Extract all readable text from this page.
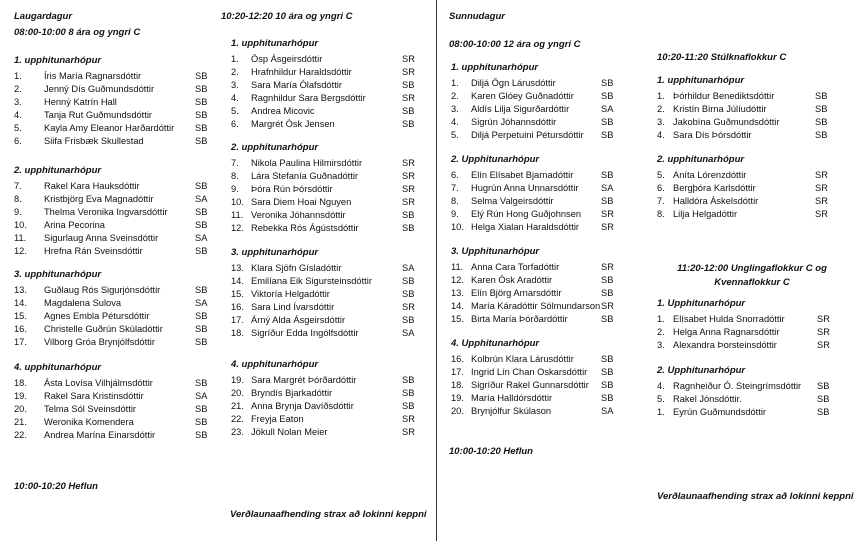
Laugardagur
08:00-10:00 8 ára og yngri C
10:20-12:20 10 ára og yngri C
1. upphitunarhópur
1. Íris María Ragnarsdóttir	SB
2. Jenný Dís Guðmundsdóttir	SB
3. Henný Katrín Hall	SB
4. Tanja Rut Guðmundsdóttir	SB
5. Kayla Amy Eleanor Harðardóttir SB
6. Siifa Frisbæk Skullestad	SB
2. upphitunarhópur
7. Rakel Kara Hauksdóttir	SB
8. Kristbjörg Eva Magnadóttir	SA
9. Thelma Veronika Ingvarsdóttir	SB
10. Arina Pecorina	SB
11. Sigurlaug Anna Sveinsdóttir	SA
12. Hrefna Rán Sveinsdóttir	SB
3. upphitunarhópur
13. Guðlaug Rós Sigurjónsdóttir	SB
14. Magdalena Sulova	SA
15. Agnes Embla Pétursdóttir	SB
16. Christelle Guðrún Skúladóttir	SB
17. Vilborg Gróa Brynjólfsdóttir	SB
4. upphitunarhópur
18. Ásta Lovísa Vilhjálmsdóttir	SB
19. Rakel Sara Kristinsdóttir	SA
20. Telma Sól Sveinsdóttir	SB
21. Weronika Komendera	SB
22. Andrea Marína Einarsdóttir	SB
1. upphitunarhópur
1. Ösp Ásgeirsdóttir	SR
2. Hrafnhildur Haraldsdóttir	SR
3. Sara María Ólafsdóttir	SB
4. Ragnhildur Sara Bergsdóttir	SR
5. Andrea Micovic	SB
6. Margrét Ósk Jensen	SB
2. upphitunarhópur
7. Nikola Paulina Hilmirsdóttir	SR
8. Lára Stefanía Guðnadóttir	SR
9. Þóra Rún Þórsdóttir	SR
10. Sara Diem Hoai Nguyen	SR
11. Veronika Jóhannsdóttir	SB
12. Rebekka Rós Ágústsdóttir	SB
3. upphitunarhópur
13. Klara Sjöfn Gísladóttir	SA
14. Emilíana Eik Sigursteinsdóttir	SB
15. Viktoría Helgadóttir	SB
16. Sara Lind Ívarsdóttir	SR
17. Árný Alda Ásgeirsdóttir	SB
18. Sigríður Edda Ingólfsdóttir	SA
4. upphitunarhópur
19. Sara Margrét Þórðardóttir	SB
20. Bryndís Bjarkadóttir	SB
21. Anna Brynja Davíðsdóttir	SB
22. Freyja Eaton	SR
23. Jökull Nolan Meier	SR
10:00-10:20 Heflun
Verðlaunaafhending strax að lokinni keppni
Sunnudagur
08:00-10:00 12 ára og yngri C
10:20-11:20 Stúlknaflokkur C
11:20-12:00 Unglingaflokkur C og Kvennaflokkur C
1. upphitunarhópur
1. Diljá Ögn Lárusdóttir	SB
2. Karen Glóey Guðnadóttir	SB
3. Aldís Lilja Sigurðardóttir	SA
4. Sigrún Jóhannsdóttir	SB
5. Diljá Perpetuini Pétursdóttir SB
2. Upphitunarhópur
6. Elín Elísabet Bjarnadóttir	SB
7. Hugrún Anna Unnarsdóttir SA
8. Selma Valgeirsdóttir	SB
9. Elý Rún Hong Guðjohnsen SR
10. Helga Xialan Haraldsdóttir SR
3. Upphitunarhópur
11. Anna Cara Torfadóttir	SR
12. Karen Ósk Aradóttir	SB
13. Elín Björg Arnarsdóttir	SB
14. María Káradóttir Sölmundarson SR
15. Birta María Þórðardóttir	SB
4. Upphitunarhópur
16. Kolbrún Klara Lárusdóttir	SB
17. Ingrid Lín Chan Oskarsdóttir SB
18. Sigríður Rakel Gunnarsdóttir SB
19. María Halldórsdóttir	SB
20. Brynjólfur Skúlason	SA
1. upphitunarhópur
1. Þórhildur Benediktsdóttir	SB
2. Kristín Birna Júlíudóttir	SB
3. Jakobína Guðmundsdóttir	SB
4. Sara Dís Þórsdóttir	SB
2. upphitunarhópur
5. Aníta Lórenzdóttir	SR
6. Bergþóra Karlsdóttir	SR
7. Halldóra Áskelsdóttir	SR
8. Lilja Helgadóttir	SR
1. Upphitunarhópur
1. Elísabet Hulda Snorradóttir	SR
2. Helga Anna Ragnarsdóttir	SR
3. Alexandra Þorsteinsdóttir	SR
2. Upphitunarhópur
4. Ragnheiður Ó. Steingrímsdóttir SB
5. Rakel Jónsdóttir.	SB
1. Eyrún Guðmundsdóttir	SB
10:00-10:20 Heflun
Verðlaunaafhending strax að lokinni keppni
